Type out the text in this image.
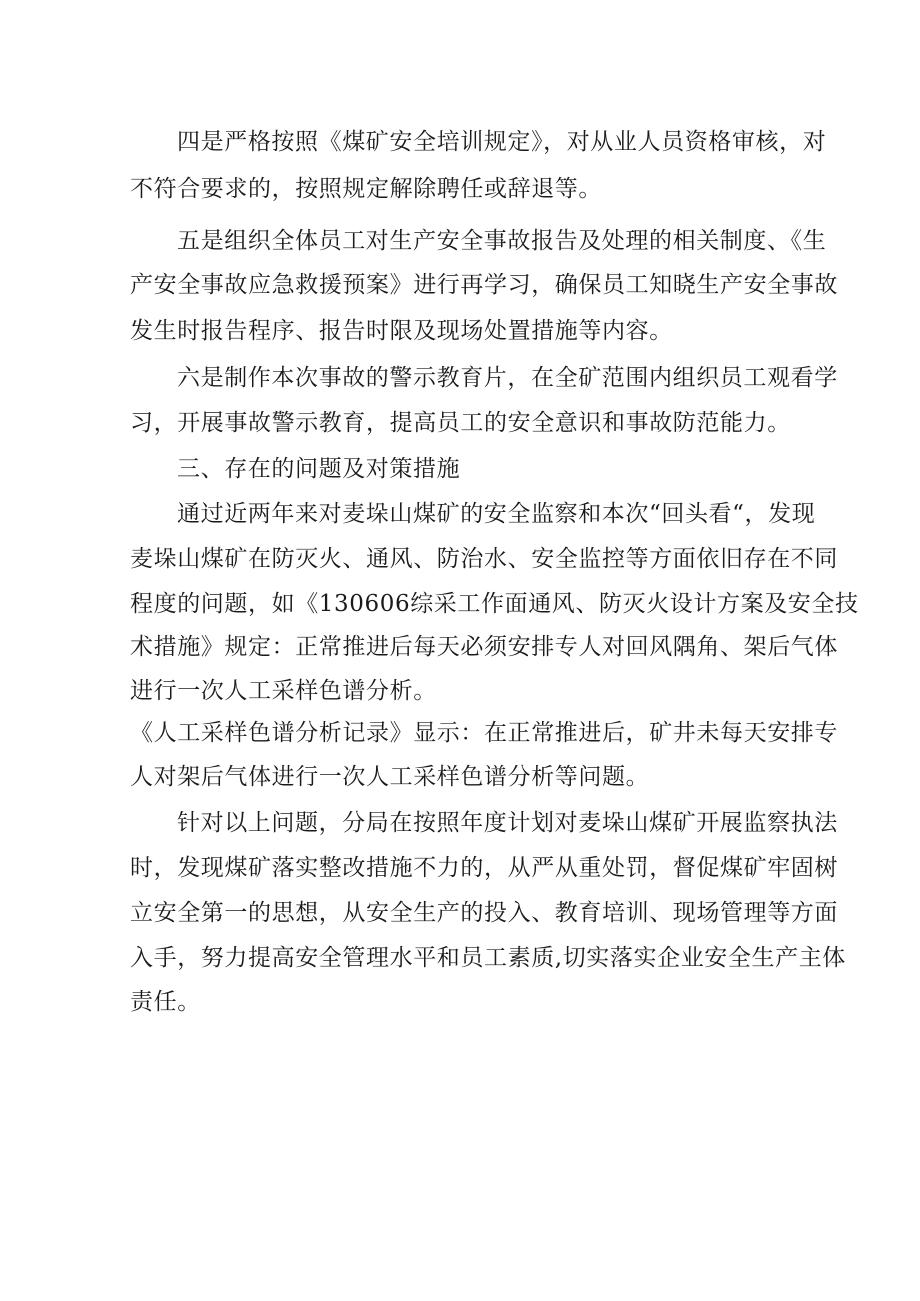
四是严格按照《煤矿安全培训规定》，对从业人员资格审核，对
不符合要求的，按照规定解除聘任或辞退等。
五是组织全体员工对生产安全事故报告及处理的相关制度、《生
产安全事故应急救援预案》进行再学习，确保员工知晓生产安全事故
发生时报告程序、报告时限及现场处置措施等内容。
六是制作本次事故的警示教育片，在全矿范围内组织员工观看学
习，开展事故警示教育，提高员工的安全意识和事故防范能力。
三、存在的问题及对策措施
通过近两年来对麦垛山煤矿的安全监察和本次“回头看“，发现
麦垛山煤矿在防灭火、通风、防治水、安全监控等方面依旧存在不同
程度的问题，如《130606综采工作面通风、防灭火设计方案及安全技
术措施》规定：正常推进后每天必须安排专人对回风隅角、架后气体
进行一次人工采样色谱分析。
《人工采样色谱分析记录》显示：在正常推进后，矿井未每天安排专
人对架后气体进行一次人工采样色谱分析等问题。
针对以上问题，分局在按照年度计划对麦垛山煤矿开展监察执法
时，发现煤矿落实整改措施不力的，从严从重处罚，督促煤矿牢固树
立安全第一的思想，从安全生产的投入、教育培训、现场管理等方面
入手，努力提高安全管理水平和员工素质,切实落实企业安全生产主体
责任。
